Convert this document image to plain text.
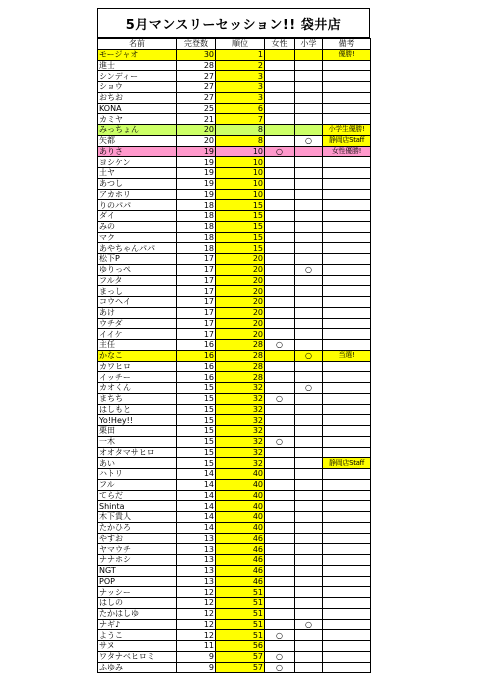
5月マンスリーセッション!! 袋井店
名前	完登数	順位	女性	小学	備考
モージャオ	30	1			優勝!
進士	28	2			
シンディー	27	3			
ショウ	27	3			
おちお	27	3			
KONA	25	6			
カミヤ	21	7			
みっちょん	20	8			小学生優勝!
矢都	20	8		○	静岡店Staff
ありさ	19	10	○		女性優勝!
ヨシケン	19	10			
土ヤ	19	10			
あつし	19	10			
アカホリ	19	10			
りのパパ	18	15			
ダイ	18	15			
みの	18	15			
マク	18	15			
あやちゃんパパ	18	15			
松下P	17	20			
ゆりっぺ	17	20		○	
フルタ	17	20			
まっし	17	20			
コウヘイ	17	20			
あけ	17	20			
ウチダ	17	20			
イイケ	17	20			
主任	16	28	○		
かなこ	16	28		○	当選!
カワヒロ	16	28			
イッチー	16	28			
カオくん	15	32		○	
まちち	15	32	○		
はしもと	15	32			
Yo!Hey!!	15	32			
栗田	15	32			
一木	15	32	○		
オオタマサヒロ	15	32			
あい	15	32			静岡店Staff
ハトリ	14	40			
フル	14	40			
てらだ	14	40			
Shinta	14	40			
木下貴人	14	40			
たかひろ	14	40			
やすお	13	46			
ヤマウチ	13	46			
ナナホシ	13	46			
NGT	13	46			
POP	13	46			
ナッシー	12	51			
はしの	12	51			
たかはしゆ	12	51			
ナギ♪	12	51		○	
ようこ	12	51	○		
サヌ	11	56			
ワタナベヒロミ	9	57	○		
ふゆみ	9	57	○		
